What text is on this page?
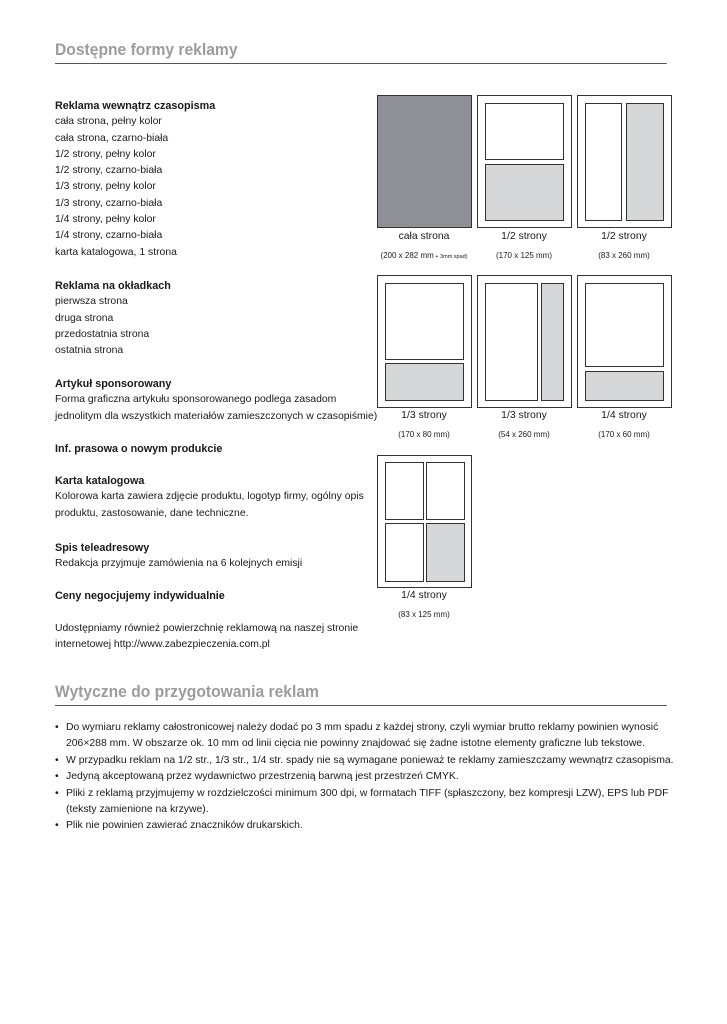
Dostępne formy reklamy
Reklama wewnątrz czasopisma
cała strona, pełny kolor
cała strona, czarno-biała
1/2 strony, pełny kolor
1/2 strony, czarno-biała
1/3 strony, pełny kolor
1/3 strony, czarno-biała
1/4 strony, pełny kolor
1/4 strony, czarno-biała
karta katalogowa, 1 strona
Reklama na okładkach
pierwsza strona
druga strona
przedostatnia strona
ostatnia strona
Artykuł sponsorowany
Forma graficzna artykułu sponsorowanego podlega zasadom
jednolitym dla wszystkich materiałów zamieszczonych w czasopiśmie)
Inf. prasowa o nowym produkcie
Karta katalogowa
Kolorowa karta zawiera zdjęcie produktu, logotyp firmy, ogólny opis
produktu, zastosowanie, dane techniczne.
Spis teleadresowy
Redakcja przyjmuje zamówienia na 6 kolejnych emisji
Ceny negocjujemy indywidualnie
Udostępniamy również powierzchnię reklamową na naszej stronie
internetowej http://www.zabezpieczenia.com.pl
cała strona	1/2 strony	1/2 strony
(200 x 282 mm + 3mm spad)	(170 x 125 mm)	(83 x 260 mm)
1/3 strony	1/3 strony	1/4 strony
(170 x 80 mm)	(54 x 260 mm)	(170 x 60 mm)
1/4 strony
(83 x 125 mm)
Wytyczne do przygotowania reklam
• Do wymiaru reklamy całostronicowej należy dodać po 3 mm spadu z każdej strony, czyli wymiar brutto reklamy powinien wynosić
206×288 mm. W obszarze ok. 10 mm od linii cięcia nie powinny znajdować się żadne istotne elementy graficzne lub tekstowe.
• W przypadku reklam na 1/2 str., 1/3 str., 1/4 str. spady nie są wymagane ponieważ te reklamy zamieszczamy wewnątrz czasopisma.
• Jedyną akceptowaną przez wydawnictwo przestrzenią barwną jest przestrzeń CMYK.
• Pliki z reklamą przyjmujemy w rozdzielczości minimum 300 dpi, w formatach TIFF (spłaszczony, bez kompresji LZW), EPS lub PDF
(teksty zamienione na krzywe).
• Plik nie powinien zawierać znaczników drukarskich.
